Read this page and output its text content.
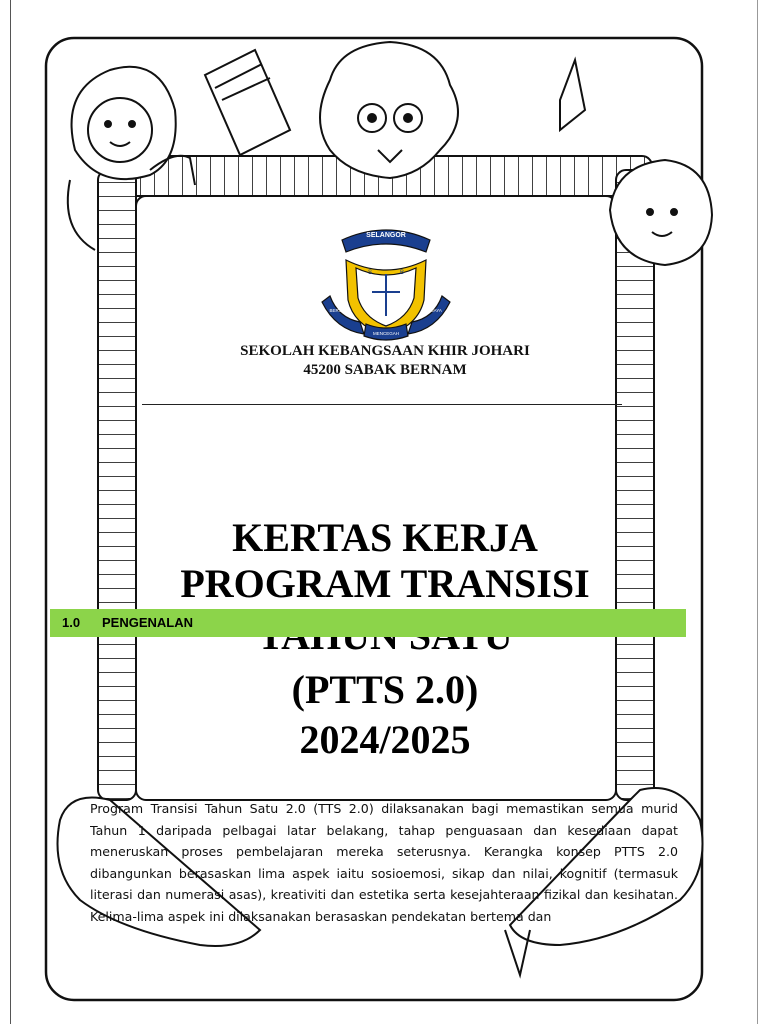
SELANGOR
S	B
BERSATU
MENCEGAH
BERJAYA
SEKOLAH KEBANGSAAN KHIR JOHARI
45200 SABAK BERNAM
KERTAS KERJA
PROGRAM TRANSISI
(PTTS 2.0)
2024/2025
1.0 PENGENALAN
Program Transisi Tahun Satu 2.0 (TTS 2.0) dilaksanakan bagi memastikan semua murid Tahun 1 daripada pelbagai latar belakang, tahap penguasaan dan kesediaan dapat meneruskan proses pembelajaran mereka seterusnya. Kerangka konsep PTTS 2.0 dibangunkan berasaskan lima aspek iaitu sosioemosi, sikap dan nilai, kognitif (termasuk literasi dan numerasi asas), kreativiti dan estetika serta kesejahteraan fizikal dan kesihatan. Kelima-lima aspek ini dilaksanakan berasaskan pendekatan bertema dan
